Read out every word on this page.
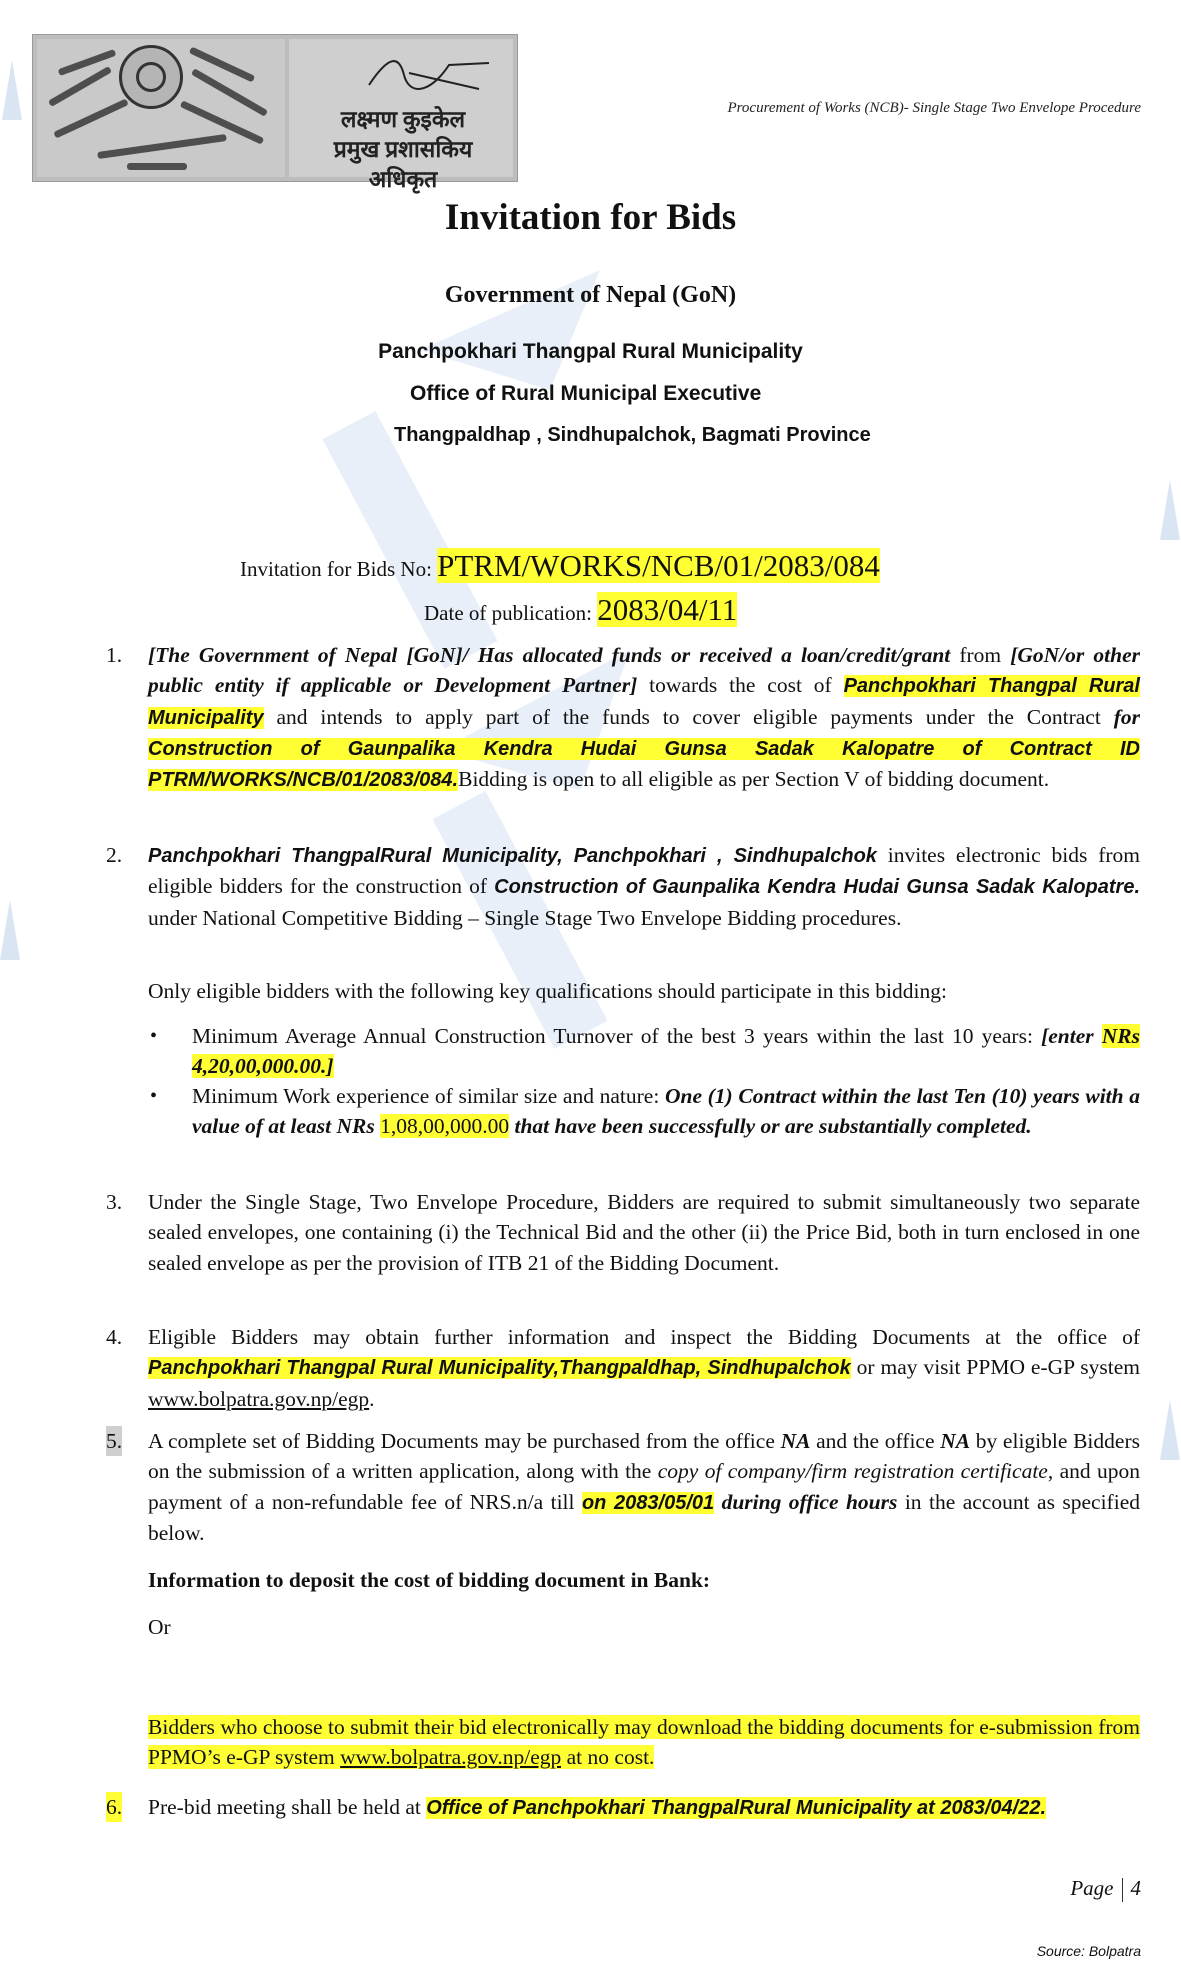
लक्ष्मण कुइकेल
प्रमुख प्रशासकिय अधिकृत
Procurement of Works (NCB)- Single Stage Two Envelope Procedure
Invitation for Bids
Government of Nepal (GoN)
Panchpokhari Thangpal Rural Municipality
Office of Rural Municipal Executive
Thangpaldhap , Sindhupalchok, Bagmati Province
Invitation for Bids No: PTRM/WORKS/NCB/01/2083/084
Date of publication: 2083/04/11
1. [The Government of Nepal [GoN]/ Has allocated funds or received a loan/credit/grant from [GoN/or other public entity if applicable or Development Partner] towards the cost of Panchpokhari Thangpal Rural Municipality and intends to apply part of the funds to cover eligible payments under the Contract for Construction of Gaunpalika Kendra Hudai Gunsa Sadak Kalopatre of Contract ID PTRM/WORKS/NCB/01/2083/084.Bidding is open to all eligible as per Section V of bidding document.
2. Panchpokhari ThangpalRural Municipality, Panchpokhari , Sindhupalchok invites electronic bids from eligible bidders for the construction of Construction of Gaunpalika Kendra Hudai Gunsa Sadak Kalopatre. under National Competitive Bidding – Single Stage Two Envelope Bidding procedures.
Only eligible bidders with the following key qualifications should participate in this bidding:
• Minimum Average Annual Construction Turnover of the best 3 years within the last 10 years: [enter NRs 4,20,00,000.00.]
• Minimum Work experience of similar size and nature: One (1) Contract within the last Ten (10) years with a value of at least NRs 1,08,00,000.00 that have been successfully or are substantially completed.
3. Under the Single Stage, Two Envelope Procedure, Bidders are required to submit simultaneously two separate sealed envelopes, one containing (i) the Technical Bid and the other (ii) the Price Bid, both in turn enclosed in one sealed envelope as per the provision of ITB 21 of the Bidding Document.
4. Eligible Bidders may obtain further information and inspect the Bidding Documents at the office of Panchpokhari Thangpal Rural Municipality,Thangpaldhap, Sindhupalchok or may visit PPMO e-GP system www.bolpatra.gov.np/egp.
5. A complete set of Bidding Documents may be purchased from the office NA and the office NA by eligible Bidders on the submission of a written application, along with the copy of company/firm registration certificate, and upon payment of a non-refundable fee of NRS.n/a till on 2083/05/01 during office hours in the account as specified below.
Information to deposit the cost of bidding document in Bank:
Or
Bidders who choose to submit their bid electronically may download the bidding documents for e-submission from PPMO’s e-GP system www.bolpatra.gov.np/egp at no cost.
6. Pre-bid meeting shall be held at Office of Panchpokhari ThangpalRural Municipality at 2083/04/22.
Page 4
Source: Bolpatra
